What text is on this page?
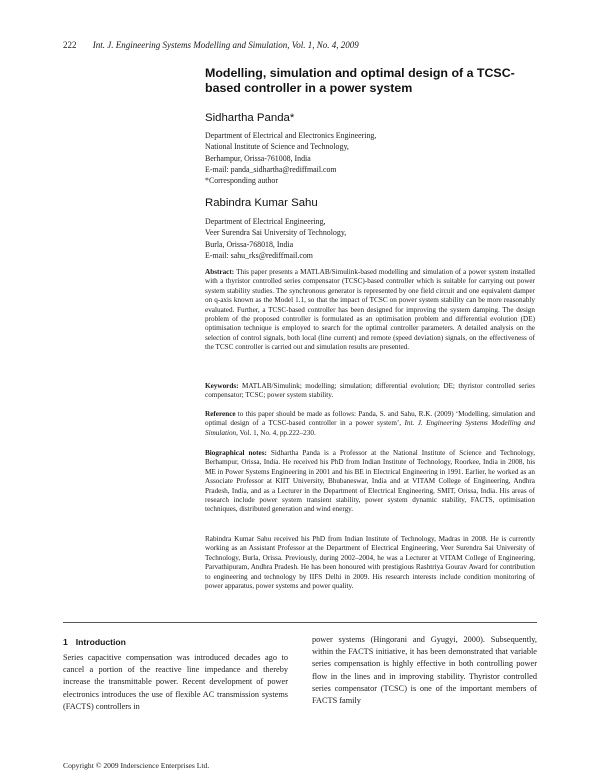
222 Int. J. Engineering Systems Modelling and Simulation, Vol. 1, No. 4, 2009
Modelling, simulation and optimal design of a TCSC-based controller in a power system
Sidhartha Panda*
Department of Electrical and Electronics Engineering,
National Institute of Science and Technology,
Berhampur, Orissa-761008, India
E-mail: panda_sidhartha@rediffmail.com
*Corresponding author
Rabindra Kumar Sahu
Department of Electrical Engineering,
Veer Surendra Sai University of Technology,
Burla, Orissa-768018, India
E-mail: sahu_rks@rediffmail.com
Abstract: This paper presents a MATLAB/Simulink-based modelling and simulation of a power system installed with a thyristor controlled series compensator (TCSC)-based controller which is suitable for carrying out power system stability studies. The synchronous generator is represented by one field circuit and one equivalent damper on q-axis known as the Model 1.1, so that the impact of TCSC on power system stability can be more reasonably evaluated. Further, a TCSC-based controller has been designed for improving the system damping. The design problem of the proposed controller is formulated as an optimisation problem and differential evolution (DE) optimisation technique is employed to search for the optimal controller parameters. A detailed analysis on the selection of control signals, both local (line current) and remote (speed deviation) signals, on the effectiveness of the TCSC controller is carried out and simulation results are presented.
Keywords: MATLAB/Simulink; modelling; simulation; differential evolution; DE; thyristor controlled series compensator; TCSC; power system stability.
Reference to this paper should be made as follows: Panda, S. and Sahu, R.K. (2009) ‘Modelling, simulation and optimal design of a TCSC-based controller in a power system’, Int. J. Engineering Systems Modelling and Simulation, Vol. 1, No. 4, pp.222–230.
Biographical notes: Sidhartha Panda is a Professor at the National Institute of Science and Technology, Berhampur, Orissa, India. He received his PhD from Indian Institute of Technology, Roorkee, India in 2008, his ME in Power Systems Engineering in 2001 and his BE in Electrical Engineering in 1991. Earlier, he worked as an Associate Professor at KIIT University, Bhubaneswar, India and at VITAM College of Engineering, Andhra Pradesh, India, and as a Lecturer in the Department of Electrical Engineering, SMIT, Orissa, India. His areas of research include power system transient stability, power system dynamic stability, FACTS, optimisation techniques, distributed generation and wind energy.
Rabindra Kumar Sahu received his PhD from Indian Institute of Technology, Madras in 2008. He is currently working as an Assistant Professor at the Department of Electrical Engineering, Veer Surendra Sai University of Technology, Burla, Orissa. Previously, during 2002–2004, he was a Lecturer at VITAM College of Engineering, Parvathipuram, Andhra Pradesh. He has been honoured with prestigious Rashtriya Gourav Award for contribution to engineering and technology by IIFS Delhi in 2009. His research interests include condition monitoring of power apparatus, power systems and power quality.
1 Introduction
Series capacitive compensation was introduced decades ago to cancel a portion of the reactive line impedance and thereby increase the transmittable power. Recent development of power electronics introduces the use of flexible AC transmission systems (FACTS) controllers in
power systems (Hingorani and Gyugyi, 2000). Subsequently, within the FACTS initiative, it has been demonstrated that variable series compensation is highly effective in both controlling power flow in the lines and in improving stability. Thyristor controlled series compensator (TCSC) is one of the important members of FACTS family
Copyright © 2009 Inderscience Enterprises Ltd.
